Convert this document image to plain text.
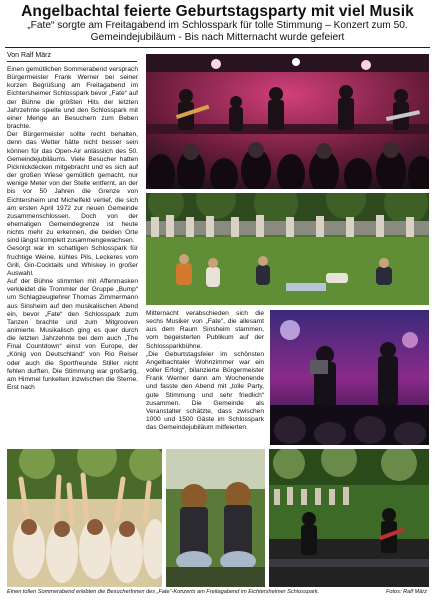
Angelbachtal feierte Geburtstagsparty mit viel Musik
„Fate“ sorgte am Freitagabend im Schlosspark für tolle Stimmung – Konzert zum 50. Gemeindejubiläum - Bis nach Mitternacht wurde gefeiert
Von Ralf März

Einen gemütlichen Sommerabend versprach Bürgermeister Frank Werner bei seiner kurzen Begrüßung am Freitagabend im Eichtersheimer Schlosspark bevor „Fate“ auf der Bühne die größten Hits der letzten Jahrzehnte spielte und den Schlosspark mit einer Menge an Besuchern zum Beben brachte.

Der Bürgermeister sollte recht behalten, denn das Wetter hätte nicht besser sein können für das Open-Air anlässlich des 50. Gemeindejubiläums. Viele Besucher hatten Picknickdecken mitgebracht und es sich auf der großen Wiese gemütlich gemacht, nur wenige Meter von der Stelle entfernt, an der bis vor 50 Jahren die Grenze von Eichtersheim und Michelfeld verlief, die sich am ersten April 1972 zur neuen Gemeinde zusammenschlossen. Doch von der ehemaligen Gemeindegrenze ist heute nichts mehr zu erkennen, die beiden Orte sind längst komplett zusammengewachsen.

Gesorgt war im schattigen Schlosspark für fruchtige Weine, kühles Pils, Leckeres vom Grill, Gin-Cocktails und Whiskey in großer Auswahl.

Auf der Bühne stimmten mit Affenmasken verkleidet die Trommler der Gruppe „Bump“ um Schlagzeuglehrer Thomas Zimmermann aus Sinsheim auf den musikalischen Abend ein, bevor „Fate“ den Schlosspark zum Tanzen brachte und zum Mitgrooven animierte. Musikalisch ging es quer durch die letzten Jahrzehnte bei dem auch „The Final Countdown“ einst von Europe, der „König von Deutschland“ von Rio Reiser oder auch die Sportfreunde Stiller nicht fehlen durften. Die Stimmung war großartig, am Himmel funkelten inzwischen die Sterne. Erst nach

Mitternacht verabschieden sich die sechs Musiker von „Fate“, die allesamt aus dem Raum Sinsheim stammen, vom begeisterten Publikum auf der Schlossparkbühne.

„Die Geburtstagsfeier im schönsten Angelbachtaler Wohnzimmer war ein voller Erfolg“, bilanzierte Bürgermeister Frank Werner dann am Wochenende und fasste den Abend mit „tolle Party, gute Stimmung und sehr friedlich“ zusammen. Die Gemeinde als Veranstalter schätzte, dass zwischen 1000 und 1500 Gäste im Schlosspark das Gemeindejubiläum mitfeierten.

Einen tollen Sommerabend erlebten die BesucherInnen des „Fate“-Konzerts am Freitagabend im Eichtersheimer Schlosspark.	Fotos: Ralf März
